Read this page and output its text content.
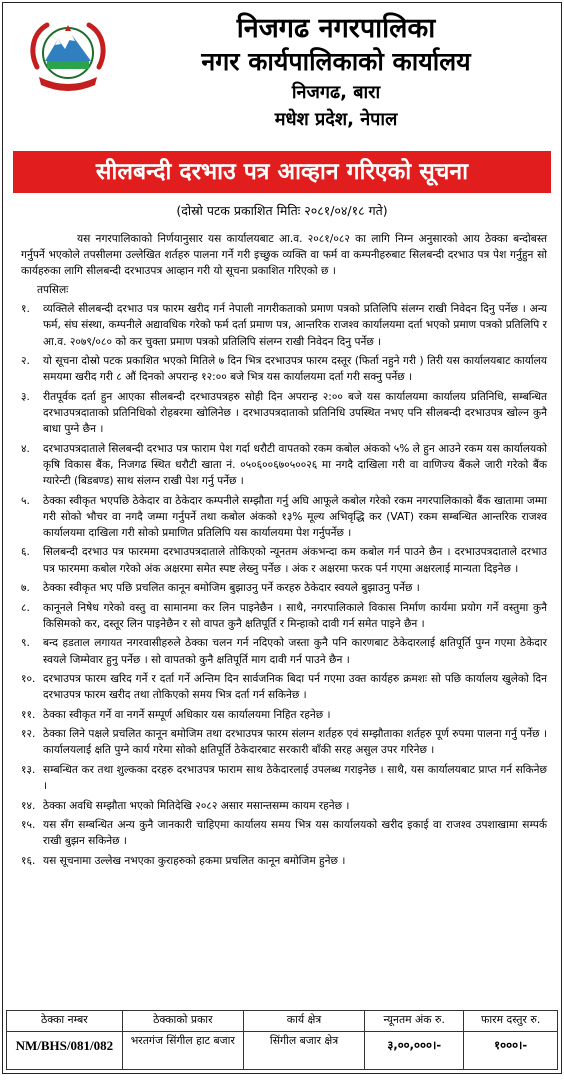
निजगढ नगरपालिका
नगर कार्यपालिकाको कार्यालय
निजगढ, बारा
मधेश प्रदेश, नेपाल
सीलबन्दी दरभाउ पत्र आव्हान गरिएको सूचना
(दोस्रो पटक प्रकाशित मितिः २०८१/०४/१८ गते)
यस नगरपालिकाको निर्णयानुसार यस कार्यालयबाट आ.व. २०८१/०८२ का लागि निम्न अनुसारको आय ठेक्का बन्दोबस्त गर्नुपर्ने भएकोले तपसीलमा उल्लेखित शर्तहरु पालना गर्ने गरी इच्छुक व्यक्ति वा फर्म वा कम्पनीहरुबाट सिलबन्दी दरभाउ पत्र पेश गर्नुहुन सो कार्यहरुका लागि सीलबन्दी दरभाउपत्र आव्हान गरी यो सूचना प्रकाशित गरिएको छ ।
तपसिलः
१.	व्यक्तिले सीलबन्दी दरभाउ पत्र फारम खरीद गर्न नेपाली नागरीकताको प्रमाण पत्रको प्रतिलिपि संलग्न राखी निवेदन दिनु पर्नेछ । अन्य फर्म, संघ संस्था, कम्पनीले अद्यावधिक गरेको फर्म दर्ता प्रमाण पत्र, आन्तरिक राजश्व कार्यालयमा दर्ता भएको प्रमाण पत्रको प्रतिलिपि र आ.व. २०७९/०८० को कर चुक्ता प्रमाण पत्रको प्रतिलिपि संलग्न राखी निवेदन दिनु पर्नेछ ।
२.	यो सूचना दोस्रो पटक प्रकाशित भएको मितिले ७ दिन भित्र दरभाउपत्र फारम दस्तूर (फिर्ता नहुने गरी ) तिरी यस कार्यालयबाट कार्यालय समयमा खरीद गरी ८ औं दिनको अपरान्ह १२:०० बजे भित्र यस कार्यालयमा दर्ता गरी सक्नु पर्नेछ ।
३.	रीतपूर्वक दर्ता हुन आएका सीलबन्दी दरभाउपत्रहरु सोही दिन अपरान्ह २:०० बजे यस कार्यालयमा कार्यालय प्रतिनिधि, सम्बन्धित दरभाउपत्रदाताको प्रतिनिधिको रोहबरमा खोलिनेछ । दरभाउपत्रदाताको प्रतिनिधि उपस्थित नभए पनि सीलबन्दी दरभाउपत्र खोल्न कुनै बाधा पुग्ने छैन ।
४.	दरभाउपत्रदाताले सिलबन्दी दरभाउ पत्र फाराम पेश गर्दा धरौटी वापतको रकम कबोल अंकको ५% ले हुन आउने रकम यस कार्यालयको कृषि विकास बैंक, निजगढ स्थित धरौटी खाता नं. ०५०६००६७०५००२६ मा नगदै दाखिला गरी वा वाणिज्य बैंकले जारी गरेको बैंक ग्यारेन्टी (बिडबण्ड) साथ संलग्न राखी पेश गर्नु पर्नेछ ।
५.	ठेक्का स्वीकृत भएपछि ठेकेदार वा ठेकेदार कम्पनीले सम्झौता गर्नु अघि आफूले कबोल गरेको रकम नगरपालिकाको बैंक खातामा जम्मा गरी सोको भौचर वा नगदै जम्मा गर्नुपर्ने तथा कबोल अंकको १३% मूल्य अभिवृद्धि कर (VAT) रकम सम्बन्धित आन्तरिक राजश्व कार्यालयमा दाखिला गरी सोको प्रमाणित प्रतिलिपि यस कार्यालयमा पेश गर्नुपर्नेछ ।
६.	सिलबन्दी दरभाउ पत्र फारममा दरभाउपत्रदाताले तोकिएको न्यूनतम अंकभन्दा कम कबोल गर्न पाउने छैन । दरभाउपत्रदाताले दरभाउ पत्र फारममा कबोल गरेको अंक अक्षरमा समेत स्पष्ट लेख्नु पर्नेछ । अंक र अक्षरमा फरक पर्न गएमा अक्षरलाई मान्यता दिइनेछ ।
७.	ठेक्का स्वीकृत भए पछि प्रचलित कानून बमोजिम बुझाउनु पर्ने करहरु ठेकेदार स्वयले बुझाउनु पर्नेछ ।
८.	कानूनले निषेध गरेको वस्तु वा सामानमा कर लिन पाइनेछैन । साथै, नगरपालिकाले विकास निर्माण कार्यमा प्रयोग गर्ने वस्तुमा कुनै किसिमको कर, दस्तूर लिन पाइनेछैन र सो वापत कुनै क्षतिपूर्ति र मिन्हाको दावी गर्न समेत पाइने छैन ।
९.	बन्द हडताल लगायत नगरवासीहरुले ठेक्का चलन गर्न नदिएको जस्ता कुनै पनि कारणबाट ठेकेदारलाई क्षतिपूर्ति पुग्न गएमा ठेकेदार स्वयले जिम्मेवार हुनु पर्नेछ । सो वापतको कुनै क्षतिपूर्ति माग दावी गर्न पाउने छैन ।
१०. दरभाउपत्र फारम खरिद गर्ने र दर्ता गर्ने अन्तिम दिन सार्वजनिक बिदा पर्न गएमा उक्त कार्यहरु क्रमशः सो पछि कार्यालय खुलेको दिन दरभाउपत्र फारम खरीद तथा तोकिएको समय भित्र दर्ता गर्न सकिनेछ ।
११. ठेक्का स्वीकृत गर्ने वा नगर्ने सम्पूर्ण अधिकार यस कार्यालयमा निहित रहनेछ ।
१२. ठेक्का लिने पक्षले प्रचलित कानून बमोजिम तथा दरभाउपत्र फारम संलग्न शर्तहरु एवं सम्झौताका शर्तहरु पूर्ण रुपमा पालना गर्नु पर्नेछ । कार्यालयलाई क्षति पुग्ने कार्य गरेमा सोको क्षतिपूर्ति ठेकेदारबाट सरकारी बाँकी सरह असुल उपर गरिनेछ ।
१३. सम्बन्धित कर तथा शुल्कका दरहरु दरभाउपत्र फाराम साथ ठेकेदारलाई उपलब्ध गराइनेछ । साथै, यस कार्यालयबाट प्राप्त गर्न सकिनेछ ।
१४. ठेक्का अवधि सम्झौता भएको मितिदेखि २०८२ असार मसान्तसम्म कायम रहनेछ ।
१५. यस सँग सम्बन्धित अन्य कुनै जानकारी चाहिएमा कार्यालय समय भित्र यस कार्यालयको खरीद इकाई वा राजश्व उपशाखामा सम्पर्क राखी बुझन सकिनेछ ।
१६. यस सूचनामा उल्लेख नभएका कुराहरुको हकमा प्रचलित कानून बमोजिम हुनेछ ।
ठेक्का नम्बर	ठेक्काको प्रकार	कार्य क्षेत्र	न्यूनतम अंक रु.	फारम दस्तुर रु.
NM/BHS/081/082	भरतगंज सिंगील हाट बजार	सिंगील बजार क्षेत्र	३,००,०००।-	१०००।-
